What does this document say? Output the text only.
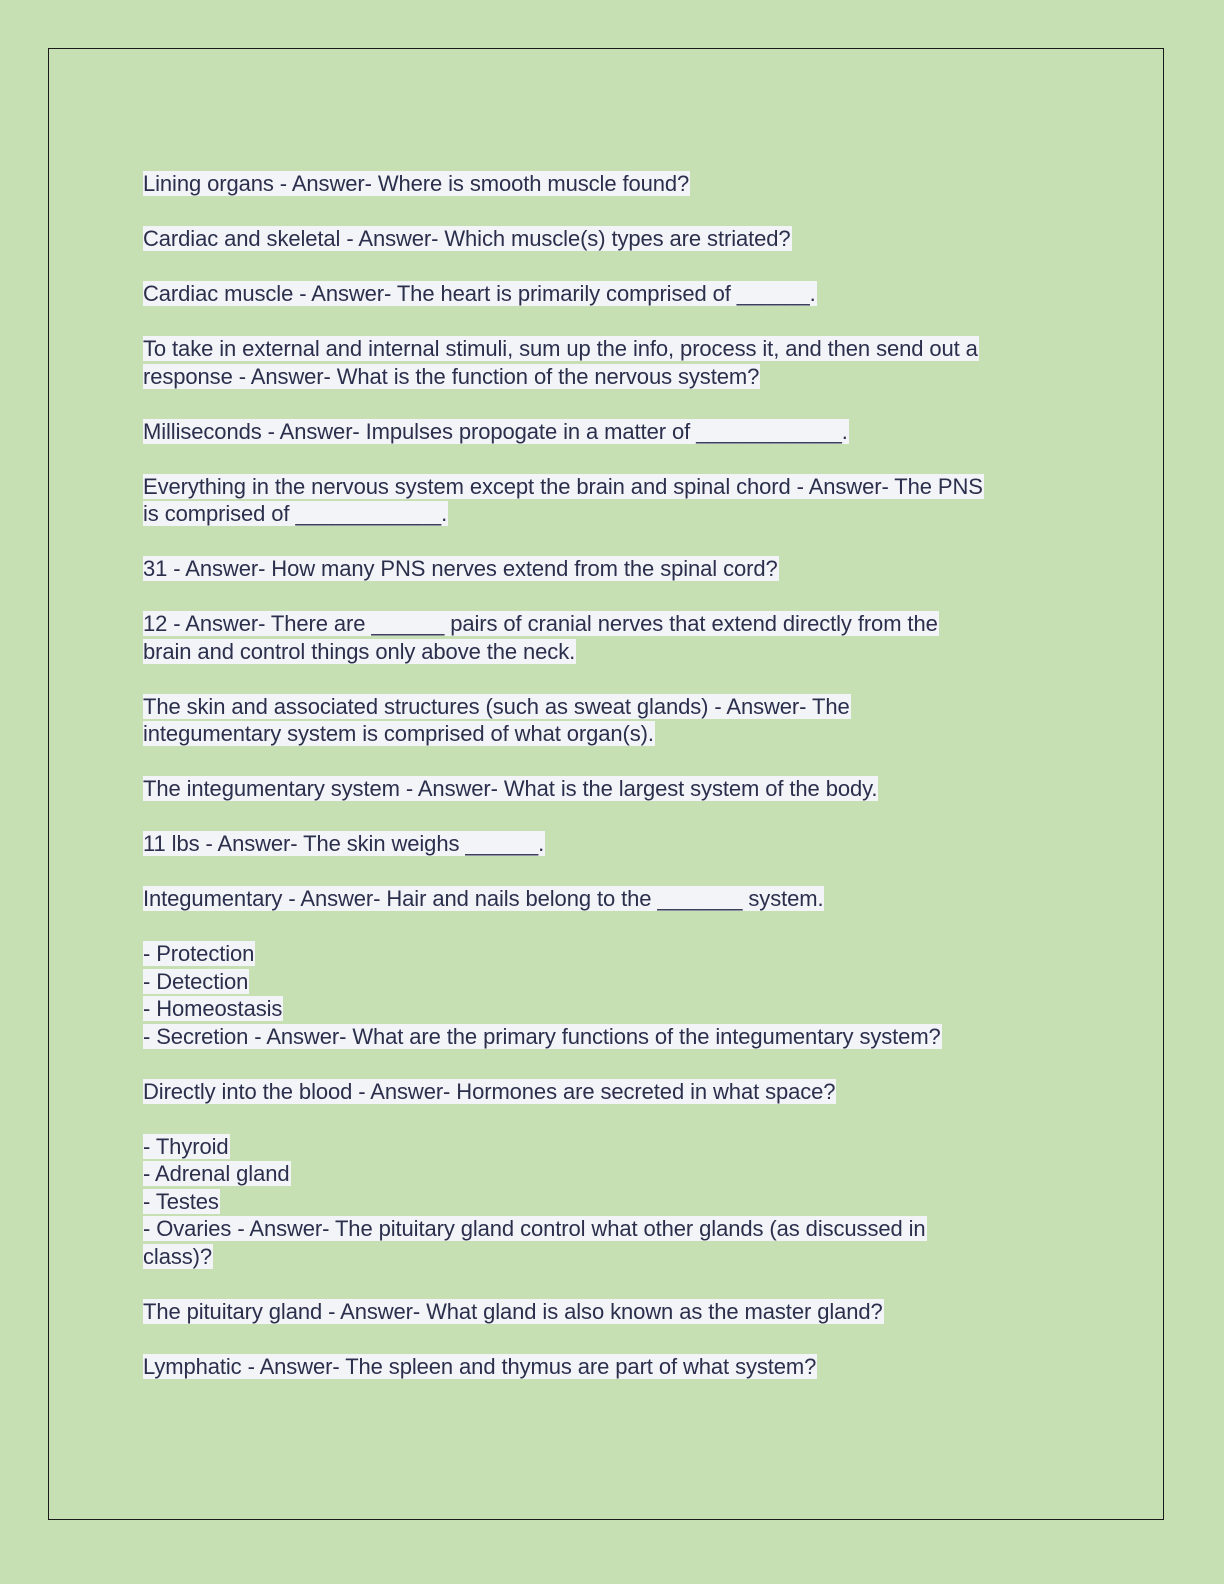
Lining organs - Answer- Where is smooth muscle found?
Cardiac and skeletal - Answer- Which muscle(s) types are striated?
Cardiac muscle - Answer- The heart is primarily comprised of ______.
To take in external and internal stimuli, sum up the info, process it, and then send out a
response - Answer- What is the function of the nervous system?
Milliseconds - Answer- Impulses propogate in a matter of ____________.
Everything in the nervous system except the brain and spinal chord - Answer- The PNS
is comprised of ____________.
31 - Answer- How many PNS nerves extend from the spinal cord?
12 - Answer- There are ______ pairs of cranial nerves that extend directly from the
brain and control things only above the neck.
The skin and associated structures (such as sweat glands) - Answer- The
integumentary system is comprised of what organ(s).
The integumentary system - Answer- What is the largest system of the body.
11 lbs - Answer- The skin weighs ______.
Integumentary - Answer- Hair and nails belong to the _______ system.
- Protection
- Detection
- Homeostasis
- Secretion - Answer- What are the primary functions of the integumentary system?
Directly into the blood - Answer- Hormones are secreted in what space?
- Thyroid
- Adrenal gland
- Testes
- Ovaries - Answer- The pituitary gland control what other glands (as discussed in
class)?
The pituitary gland - Answer- What gland is also known as the master gland?
Lymphatic - Answer- The spleen and thymus are part of what system?
